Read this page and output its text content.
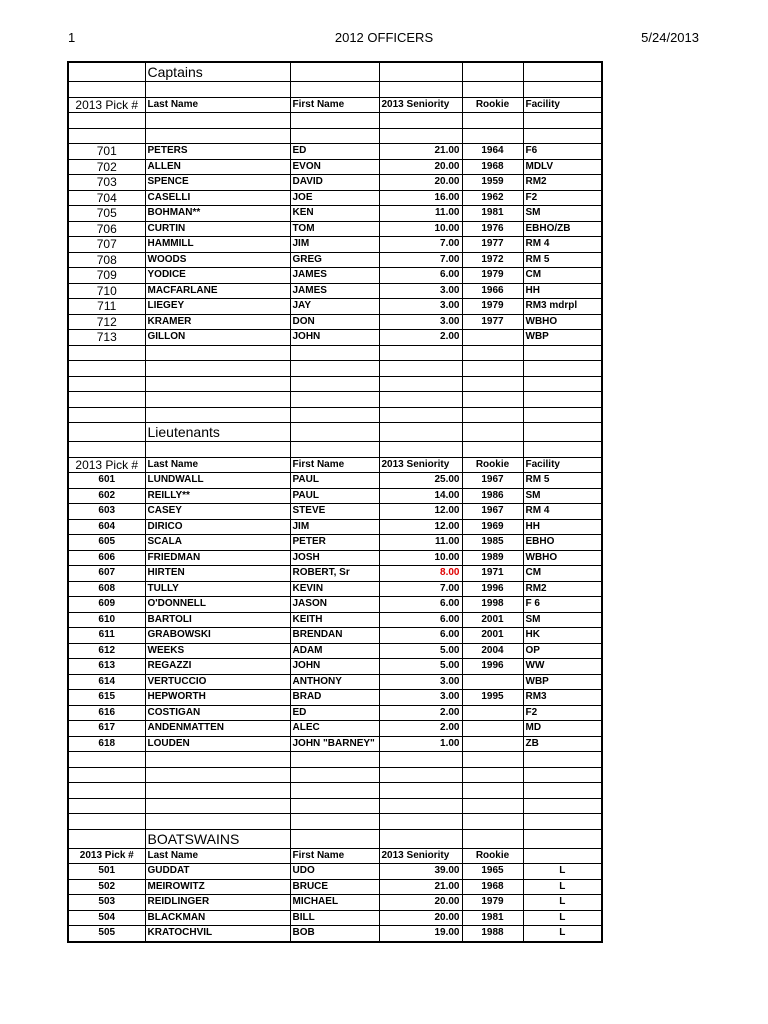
1	2012 OFFICERS	5/24/2013
	Captains				

2013 Pick #	Last Name	First Name	2013 Seniority	Rookie	Facility

701	PETERS	ED	21.00	1964	F6
702	ALLEN	EVON	20.00	1968	MDLV
703	SPENCE	DAVID	20.00	1959	RM2
704	CASELLI	JOE	16.00	1962	F2
705	BOHMAN**	KEN	11.00	1981	SM
706	CURTIN	TOM	10.00	1976	EBHO/ZB
707	HAMMILL	JIM	7.00	1977	RM 4
708	WOODS	GREG	7.00	1972	RM 5
709	YODICE	JAMES	6.00	1979	CM
710	MACFARLANE	JAMES	3.00	1966	HH
711	LIEGEY	JAY	3.00	1979	RM3 mdrpl
712	KRAMER	DON	3.00	1977	WBHO
713	GILLON	JOHN	2.00		WBP

	Lieutenants				

2013 Pick #	Last Name	First Name	2013 Seniority	Rookie	Facility
601	LUNDWALL	PAUL	25.00	1967	RM 5
602	REILLY**	PAUL	14.00	1986	SM
603	CASEY	STEVE	12.00	1967	RM 4
604	DIRICO	JIM	12.00	1969	HH
605	SCALA	PETER	11.00	1985	EBHO
606	FRIEDMAN	JOSH	10.00	1989	WBHO
607	HIRTEN	ROBERT, Sr	8.00	1971	CM
608	TULLY	KEVIN	7.00	1996	RM2
609	O'DONNELL	JASON	6.00	1998	F 6
610	BARTOLI	KEITH	6.00	2001	SM
611	GRABOWSKI	BRENDAN	6.00	2001	HK
612	WEEKS	ADAM	5.00	2004	OP
613	REGAZZI	JOHN	5.00	1996	WW
614	VERTUCCIO	ANTHONY	3.00		WBP
615	HEPWORTH	BRAD	3.00	1995	RM3
616	COSTIGAN	ED	2.00		F2
617	ANDENMATTEN	ALEC	2.00		MD
618	LOUDEN	JOHN "BARNEY"	1.00		ZB

	BOATSWAINS				
2013 Pick #	Last Name	First Name	2013 Seniority	Rookie	
501	GUDDAT	UDO	39.00	1965	L
502	MEIROWITZ	BRUCE	21.00	1968	L
503	REIDLINGER	MICHAEL	20.00	1979	L
504	BLACKMAN	BILL	20.00	1981	L
505	KRATOCHVIL	BOB	19.00	1988	L
